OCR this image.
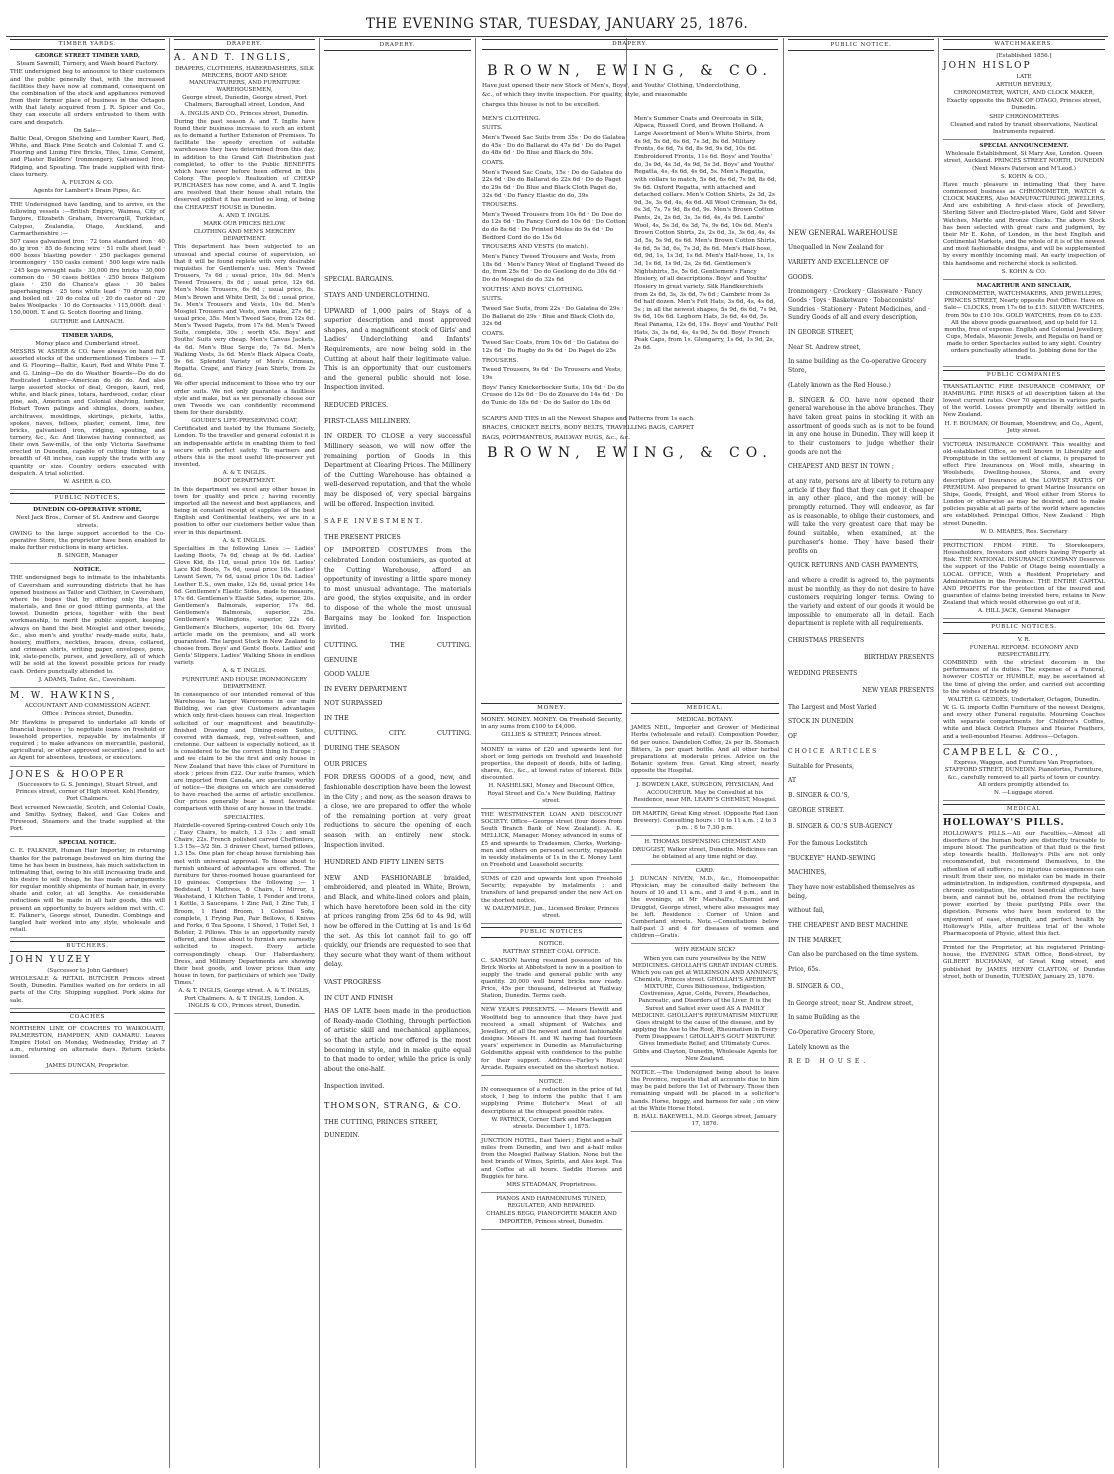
THE EVENING STAR, TUESDAY, JANUARY 25, 1876.
TIMBER YARDS.

GEORGE STREET TIMBER YARD,

Steam Sawmill, Turnery, and Wash board Factory.

THE undersigned beg to announce to their customers and the public generally that, with the increased facilities they have now at command, consequent on the combination of the stock and appliances removed from their former place of business in the Octagon with that lately acquired from J. R. Spicer and Co., they can execute all orders entrusted to them with care and despatch.

On Sale—

Baltic Deal, Oregon Shelving and Lumber Kauri, Red, White, and Black Pine Scotch and Colonial T. and G. Flooring and Lining Fire Bricks, Tiles, Lime, Cement, and Plaster Builders' Ironmongery, Galvanised Iron, Ridging, and Spouting. The trade supplied with first-class turnery.

A. FULTON & CO.

Agents for Lambert's Drain Pipes, &c.

THE Undersigned have landing, and to arrive, ex the following vessels :—British Empire, Waimea, City of Tanjore, Elizabeth Graham, Invercargill, Turkistan, Calypso, Zealandia, Otago, Auckland, and Carmarthenshire :—

507 cases galvanised iron · 72 tons standard iron · 40 do ig iron · 85 do fencing wire · 51 rolls sheet lead · 600 boxes blasting powder · 250 packages general ironmongery · 150 casks cement · 500 kegs wire nails · 245 kegs wrought nails · 30,000 fire bricks · 30,000 common do · 50 cases bottles · 250 boxes Belgium glass · 250 do Chance's glass · 30 bales paperhangings · 25 tons white lead · 70 drums raw and boiled oil · 20 do colza oil · 20 do castor oil · 20 bales Woolpacks · 10 do Cornsacks · 115,000ft. deal · 150,000ft. T. and G. Scotch flooring and lining.

GUTHRIE and LARNACH.

TIMBER YARDS,

Moray place and Cumberland street.

MESSRS W. ASHER & CO. have always on hand full assorted stocks of the undermentioned Timbers :— T. and G. Flooring—Baltic, Kauri, Red and White Pine T. and G. Lining—Do do do Weather Boards—Do do do Rusticated Lumber—American do do do. And also large assorted stocks of deal, Oregon, kauri, red, white, and black pines, totara, hardwood, cedar, clear pine, ash, American and Colonial shelving, lumber, Hobart Town palings and shingles, doors, sashes, architraves, mouldings, skirtings, pickets, laths, spokes, naves, felloes, plaster, cement, lime, fire bricks, galvanised iron, ridging, spouting, and turnery, &c., &c. And likewise having connected, as their own Saw-mills, of the only Victoria Sawframe erected in Dunedin, capable of cutting timber to a breadth of 48 inches, can supply the trade with any quantity or size. Country orders executed with despatch. A trial solicited.

W. ASHER & CO.

PUBLIC NOTICES.

DUNEDIN CO-OPERATIVE STORE,

Next Jack Bros., Corner of St. Andrew and George streets.

OWING to the large support accorded to the Co-operative Store, the proprietor have been enabled to make further reductions in many articles.

B. SINGER, Manager

NOTICE.

THE undersigned begs to intimate to the inhabitants of Caversham and surrounding districts that he has opened business as Tailor and Clothier, in Caversham, where he hopes that by offering only the best materials, and fine or good fitting garments, at the lowest Dunedin prices, together with the best workmanship, to merit the public support, keeping always on hand the best Mosgiel and other tweeds, &c., also men's and youths' ready-made suits, hats, hosiery, mufflers, neckties, braces, dress, collared, and crimean shirts, writing paper, envelopes, pens, ink, slate-pencils, purses, and jewellery, all of which will be sold at the lowest possible prices for ready cash. Orders punctually attended to.

J. ADAMS, Tailor, &c., Caversham.

M. W. HAWKINS,

ACCOUNTANT AND COMMISSION AGENT.

Office : Princes street, Dunedin.

Mr Hawkins is prepared to undertake all kinds of financial business ; to negotiate loans on freehold or leasehold properties, repayable by instalments if required ; to make advances on mercantile, pastoral, agricultural, or other approved securities ; and to act as Agent for absentees, trustees, or executors.

JONES & HOOPER

(Successors to G. S. Jennings), Stuart Street, and Princes street, corner of High street. Kohl Hendry, Port Chalmers.

Best screened Newcastle, Scotch, and Colonial Coals, and Smithy. Sydney, Baked, and Gas Cokes and Firewood, Steamers and the trade supplied at the Port.

SPECIAL NOTICE.

C. E. FALKNER, Human Hair Importer, in returning thanks for the patronage bestowed on him during the time he has been in business, has much satisfaction in intimating that, owing to his still increasing trade and his desire to sell cheap, he has made arrangements for regular monthly shipments of human hair, in every shade and color, at all lengths. As considerable reductions will be made in all hair goods, this will present an opportunity to buyers seldom met with. C. E. Falkner's, George street, Dunedin. Combings and tangled hair worked into any style, wholesale and retail.

BUTCHERS.

JOHN YUZEY

(Successor to John Gardner)

WHOLESALE & RETAIL BUTCHER Princes street South, Dunedin. Families waited on for orders in all parts of the City. Shipping supplied. Pork skins for sale.

COACHES

NORTHERN LINE OF COACHES TO WAIKOUAITI, PALMERSTON, HAMPDEN, AND OAMARU. Leaves Empire Hotel on Monday, Wednesday, Friday at 7 a.m., returning on alternate days. Return tickets issued.

JAMES DUNCAN, Proprietor.

DRAPERY.

A. AND T. INGLIS,

DRAPERS, CLOTHIERS, HABERDASHERS, SILK MERCERS, BOOT AND SHOE MANUFACTURERS, AND FURNITURE WAREHOUSEMEN,

George street, Dunedin, George street, Port Chalmers, Baroughall street, London, And

A. INGLIS AND CO., Princes street, Dunedin.

During the past season A. and T. Inglis have found their business increase to such an extent as to demand a further Extension of Premises. To facilitate the speedy erection of suitable warehouses they have determined from this day, in addition to the Grand Gift Distribution just completed, to offer to the Public BENEFITS which have never before been offered in this Colony. The people's Realization of CHEAP PURCHASES has now come, and A. and T. Inglis are resolved that their house shall retain the deserved epithet it has merited so long, of being the CHEAPEST HOUSE in Dunedin.

A. AND T. INGLIS.

MARK OUR PRICES BELOW.

CLOTHING AND MEN'S MERCERY DEPARTMENT.

This department has been subjected to an unusual and special course of supervision, so that it will be found replete with very desirable requisites for Gentlemen's use. Men's Tweed Trousers, 7s 6d ; usual price, 10s 6d. Men's Tweed Trousers, 8s 6d ; usual price, 12s 6d. Men's Mole Trousers, 6s 6d ; usual price, 8s. Men's Brown and White Drill, 3s 6d ; usual price, 5s. Men's Trousers and Vests, 10s 6d. Men's Mosgiel Trousers and Vests, own make, 27s 6d ; usual price, 35s. Men's Tweed Sacs, from 12s 6d. Men's Tweed Pagets, from 17s 6d. Men's Tweed Suits, complete, 30s ; worth 45s. Boys' and Youths' Suits very cheap. Men's Canvas Jackets, 4s 6d. Men's Blue Serge do, 7s 6d. Men's Walking Vests, 3s 6d. Men's Black Alpaca Coats, 9s 6d. Splendid Variety of Men's Crimean, Regatta, Crape, and Fancy Jean Shirts, from 2s 6d.

We offer special inducement to those who try our order suits. We not only guarantee a faultless style and make, but as we personally choose our own Tweeds we can confidently recommend them for their durability.

GOUDIE'S LIFE-PRESERVING COAT,

Certificated and tested by the Humane Society, London. To the traveller and general colonist it is an indispensable article in enabling them to feel secure with perfect safety. To mariners and others this is the most useful life-preserver yet invented.

A. & T. INGLIS.

BOOT DEPARTMENT.

In this department we excel any other house in town for quality and price ; having recently imported all the newest and best appliances, and being in constant receipt of supplies of the best English and Continental leathers, we are in a position to offer our customers better value than ever in this department.

A. & T. INGLIS.

Specialties in the following Lines :— Ladies' Lasting Boots, 7s 6d, cheap at 9s 6d. Ladies' Glove Kid, 8s 11d, usual price 10s 6d. Ladies' Lace Kid Boots, 7s 6d, usual price 10s. Ladies' Levant Sewn, 7s 6d, usual price 10s 6d. Ladies' Leather E.S., own make, 12s 6d, usual price 14s 6d. Gentlemen's Elastic Sides, made to measure, 17s 6d. Gentlemen's Elastic Sides, superior, 20s. Gentlemen's Balmorals, superior, 17s 6d. Gentlemen's Balmorals, superior, 25s. Gentlemen's Wellingtons, superior, 22s 6d. Gentlemen's Bluchers, superior, 10s 6d. Every article made on the premises, and all work guaranteed. The largest Stock in New Zealand to choose from. Boys' and Gents' Boots. Ladies' and Gents' Slippers. Ladies' Walking Shoes in endless variety.

A. & T. INGLIS.

FURNITURE AND HOUSE IRONMONGERY DEPARTMENT.

In consequence of our intended removal of this Warehouse to larger Warerooms in our main Building, we can give Customers advantages which only first-class houses can rival. Inspection solicited of our magnificent and beautifully-finished Drawing and Dining-room Suites, covered with damask, rep, velvet-satteen, and cretonne. Our satteen is especially noticed, as it is considered to be the correct thing in Europe ; and we claim to be the first and only house in New Zealand that have this class of Furniture in stock ; prices from £22. Our suite frames, which are imported from Canada, are specially worthy of notice—the designs on which are considered to have reached the acme of artistic excellence. Our prices generally bear a most favorable comparison with those of any house in the trade.

SPECIALTIES.

Hairdelle-covered Spring-centred Couch only 10s ; Easy Chairs, to match, 1.3 13s ; and small Chairs, 22s. French polished carved Cheffoniers, 1.3 15s—3/2 5in. 3 drawer Chest, turned pillows, 1.3 15s. One plan for cheap house furnishing has met with universal approval. To those about to furnish unheard of advantages are offered. The furniture for three-roomed house guaranteed for 10 guineas. Comprises the following :— 1 Bedstead, 1 Mattress, 6 Chairs, 1 Mirror, 1 Washstand, 1 Kitchen Table, 1 Fender and irons, 1 Kettle, 3 Saucepans, 1 Zinc Pail, 1 Zinc Tub, 1 Broom, 1 Hand Broom, 1 Colonial Sofa, complete, 1 Frying Pan, Pair Bellows, 6 Knives and Forks, 6 Tea Spoons, 1 Shovel, 1 Toilet Set, 1 Bolster, 2 Pillows. This is an opportunity rarely offered, and those about to furnish are earnestly solicited to inspect. Every article correspondingly cheap. Our Haberdashery, Dress, and Millinery Departments are showing their best goods, and lower prices than any house in town, for particulars of which see 'Daily Times.'

A. & T. INGLIS, George street. A. & T. INGLIS, Port Chalmers. A. & T. INGLIS, London. A. INGLIS & CO., Princes street, Dunedin.

DRAPERY.

SPECIAL BARGAINS.

STAYS AND UNDERCLOTHING.

UPWARD of 1,000 pairs of Stays of a superior description and most approved shapes, and a magnificent stock of Girls' and Ladies' Underclothing and Infants' Requirements, are now being sold in the Cutting at about half their legitimate value. This is an opportunity that our customers and the general public should not lose. Inspection invited.

REDUCED PRICES.

FIRST-CLASS MILLINERY.

IN ORDER TO CLOSE a very successful Millinery season, we will now offer the remaining portion of Goods in this Department at Clearing Prices. The Millinery of the Cutting Warehouse has obtained a well-deserved reputation, and that the whole may be disposed of, very special bargains will be offered. Inspection invited.

SAFE INVESTMENT.

THE PRESENT PRICES

OF IMPORTED COSTUMES from the celebrated London costumiers, as quoted at the Cutting Warehouse, afford an opportunity of investing a little spare money to most unusual advantage. The materials are good, the styles exquisite, and in order to dispose of the whole the most unusual Bargains may be looked for. Inspection invited.

CUTTING.	THE	CUTTING.

GENUINE

GOOD VALUE

IN EVERY DEPARTMENT

NOT SURPASSED

IN THE

CUTTING.	CITY.	CUTTING.

DURING THE SEASON

OUR PRICES

FOR DRESS GOODS of a good, new, and fashionable description have been the lowest in the City ; and now, as the season draws to a close, we are prepared to offer the whole of the remaining portion at very great reductions to secure the opening of each season with an entirely new stock. Inspection invited.

HUNDRED AND FIFTY LINEN SETS

NEW AND FASHIONABLE braided, embroidered, and pleated in White, Brown, and Black, and white-lined colors and plain, which have heretofore been sold in the city at prices ranging from 25s 6d to 4s 9d, will now be offered in the Cutting at 1s and 1s 6d the set. As this lot cannot fail to go off quickly, our friends are requested to see that they secure what they want of them without delay.

VAST PROGRESS

IN CUT AND FINISH

HAS OF LATE been made in the production of Ready-made Clothing, through perfection of artistic skill and mechanical appliances, so that the article now offered is the most becoming in style, and in make quite equal to that made to order, while the price is only about the one-half.

Inspection invited.

THOMSON, STRANG, & CO.

THE CUTTING, PRINCES STREET,

DUNEDIN.

DRAPERY.

BROWN, EWING, & CO.

Have just opened their new Stock of Men's, Boys', and Youths' Clothing, Underclothing,

&c., of which they invite inspection. For quality, style, and reasonable

charges this house is not to be excelled.

MEN'S CLOTHING.

SUITS.

Men's Tweed Sac Suits from 35s · Do do Galatea do 45s · Do do Ballarat do 47s 6d · Do do Paget do 48s 6d · Do Blue and Black do 59s.

COATS.

Men's Tweed Sac Coats, 15s · Do do Galatea do 22s 6d · Do do Ballarat do 22s 6d · Do do Paget do 29s 6d · Do Blue and Black Cloth Paget do, 32s 6d · Do Fancy Elastic do do, 39s

TROUSERS.

Men's Tweed Trousers from 10s 6d · Do Doe do do 12s 6d · Do Fancy Cord do 10s 6d · Do Cotton do do 8s 6d · Do Printed Moles do 9s 6d · Do Bedford Cord do do 15s 6d

TROUSERS AND VESTS (to match).

Men's Fancy Tweed Trousers and Vests, from 18s 6d · Men's Fancy West of England Tweed do do, from 25s 6d · Do do Geelong do do 30s 6d · Do do Mosgiel do do 32s 6d

YOUTHS' AND BOYS' CLOTHING.

SUITS.

Tweed Sac Suits, from 22s · Do Galatea do 29s · Do Ballarat do 29s · Blue and Black Cloth do, 32s 6d

COATS.

Tweed Sac Coats, from 10s 6d · Do Galatea do 12s 6d · Do Rugby do 9s 6d · Do Paget do 25s

TROUSERS.

Tweed Trousers, 9s 6d · Do Trousers and Vests, 19s

Boys' Fancy Knickerbocker Suits, 10s 6d · Do do Crusoe do 12s 6d · Do do Zouave do 14s 6d · Do do Tunic do 18s 6d · Do do Sailor do 18s 6d

Men's Summer Coats and Overcoats in Silk, Alpaca, Russell Cord, and Brown Holland. A Large Assortment of Men's White Shirts, from 4s 9d, 5s 6d, 6s 6d, 7s 3d, 8s 6d. Military Fronts, 6s 6d, 7s 6d, 8s 9d, 9s 6d, 10s 6d. Embroidered Fronts, 11s 6d. Boys' and Youths' do, 3s 9d, 4s 3d, 4s 9d, 5s 3d. Boys' and Youths' Regatta, 4s, 4s 6d, 4s 6d, 5s. Men's Regatta, with collars to match, 5s 6d, 6s 6d, 7s 9d, 8s 6d, 9s 6d. Oxford Regatta, with attached and detached collars. Men's Cotton Shirts, 2s 3d, 2s 9d, 3s, 3s 6d, 4s, 4s 6d. All Wool Crimean, 5s 6d, 6s 3d, 7s, 7s 9d, 8s 6d, 9s. Men's Brown Cotton Pants, 2s, 2s 6d, 3s, 3s 6d, 4s, 4s 9d. Lambs' Wool, 4s, 5s 3d, 6s 3d, 7s, 9s 6d, 10s 6d. Men's Brown Cotton Shirts, 2s, 2s 6d, 3s, 3s 6d, 4s, 4s 3d, 5s, 5s 9d, 6s 6d. Men's Brown Cotton Shirts, 4s 6d, 5s 3d, 6s, 7s 3d, 8s 6d. Men's Half-hose, 6d, 9d, 1s, 1s 3d, 1s 6d. Men's Half-hose, 1s, 1s 3d, 1s 6d, 1s 9d, 2s, 2s 6d. Gentlemen's Nightshirts, 5s, 5s 6d. Gentlemen's Fancy Hosiery, of all descriptions. Boys' and Youths' Hosiery in great variety. Silk Handkerchiefs from 2s 6d, 3s, 3s 6d, 7s 6d ; Cambric from 3s 6d half dozen. Men's Felt Hats, 3s 6d, 4s, 4s 6d, 5s ; in all the newest shapes, 5s 9d, 6s 6d, 7s 9d, 9s 6d, 10s 6d. Leghorn Hats, 3s 6d, 4s 6d, 5s. Real Panama, 12s 6d, 15s. Boys' and Youths' Felt Hats, 3s, 3s 6d, 4s, 4s 9d, 5s 6d. Boys' French Peak Caps, from 1s. Glengarry, 1s 6d, 1s 9d, 2s, 2s 6d.

SCARFS AND TIES in all the Newest Shapes and Patterns from 1s each.

BRACES, CRICKET BELTS, BODY BELTS, TRAVELLING BAGS, CARPET

BAGS, PORTMANTEUS, RAILWAY RUGS, &c., &c.

BROWN, EWING, & CO.

MONEY.

MONEY. MONEY. MONEY. On Freehold Security, in any sums from £100 to £4,000.

GILLIES & STREET, Princes street.

MONEY in sums of £20 and upwards lent for short or long periods on freehold and leasehold properties, the deposit of deeds, bills of lading, shares, &c., &c., at lowest rates of interest. Bills discounted.

H. NASHELSKI, Money and Discount Office, Royal Street and Co.'s New Building, Rattray street.

THE WESTMINSTER LOAN AND DISCOUNT SOCIETY. Office—George street (four doors from South Branch Bank of New Zealand). A. K. MELLICK, Manager. Money advanced in sums of £5 and upwards to Tradesmen, Clerks, Working-men and others on personal security, repayable in weekly instalments of 1s in the £. Money Lent on Freehold and Leasehold security.

SUMS of £20 and upwards lent upon Freehold Security, repayable by instalments ; and transfers of land prepared under the new Act on the shortest notice.

W. DALRYMPLE, Jun., Licensed Broker, Princes street.

PUBLIC NOTICES

NOTICE.

RATTRAY STREET COAL OFFICE.

C. SAMSON having resumed possession of his Brick Works at Abbotsford is now in a position to supply the trade and general public with any quantity. 20,000 well burnt bricks now ready. Price, 45s per thousand, delivered at Railway Station, Dunedin. Terms cash.

NEW YEAR'S PRESENTS. — Messrs Hewitt and Woolfield beg to announce that they have just received a small shipment of Watches and Jewellery, of all the newest and most fashionable designs. Messrs H. and W. having had fourteen years' experience in Dunedin as Manufacturing Goldsmiths appeal with confidence to the public for their support. Address—Farley's Royal Arcade. Repairs executed on the shortest notice.

NOTICE.

IN consequence of a reduction in the price of fat stock, I beg to inform the public that I am supplying Prime Butcher's Meat of all descriptions at the cheapest possible rates.

W. PATRICK, Corner Clark and Maclaggan streets. December 1, 1875.

JUNCTION HOTEL, East Taieri ; Eight and a-half miles from Dunedin, and two and a-half miles from the Mosgiel Railway Station. None but the best brands of Wines, Spirits, and Ales kept. Tea and Coffee at all hours. Saddle Horses and Buggies for hire.

MRS STEADMAN, Proprietress.

PIANOS AND HARMONIUMS TUNED, REGULATED, AND REPAIRED.

CHARLES BEGG, PIANOFORTE MAKER AND IMPORTER, Princes street, Dunedin.

MEDICAL.

MEDICAL BOTANY.

JAMES NEIL, Importer and Grower of Medicinal Herbs (wholesale and retail). Composition Powder, 6d per ounce. Dandelion Coffee, 2s per lb. Stomach Bitters, 2s per quart bottle. And all other herbal preparations at moderate prices. Advice on the Botanic system free. Great King street, nearly opposite the Hospital.

J. BOWDEN LAKE, SURGEON, PHYSICIAN, And ACCOUCHEUR. May be Consulted at his Residence, near MR. LEARY'S CHEMIST, Mosgiel.

DR MARTIN, Great King street. (Opposite Red Lion Brewery). Consulting hours : 10 to 11 a.m. ; 2 to 3 p.m. ; 6 to 7.30 p.m.

H. THOMAS DISPENSING CHEMIST AND DRUGGIST, Walker street, Dunedin. Medicines can be obtained at any time night or day.

CARD.

J. DUNCAN NIVEN, M.D., &c., Homoeopathic Physician, may be consulted daily between the hours of 10 and 11 a.m., and 3 and 4 p.m., and in the evenings, at Mr Marshall's, Chemist and Druggist, George street, where also messages may be left. Residence : Corner of Union and Cumberland streets. Note.—Consultations below half-past 3 and 4 for diseases of women and children—Gratis.

WHY REMAIN SICK?

When you can cure yourselves by the NEW MEDICINES. GHOLLAH'S GREAT INDIAN CURES. Which you can get at WILKINSON AND ANNING'S, Chemists, Princes street. GHOLLAH'S APERIENT MIXTURE, Cures Billiousness, Indigestion, Costiveness, Ague, Colds, Fevers, Headaches, Pancreatic, and Disorders of the Liver. It is the Surest and Safest ever used AS A FAMILY MEDICINE. GHOLLAH'S RHEUMATISM MIXTURE Goes straight to the cause of the disease, and by applying the Axe to the Root, Rheumatism in Every Form Disappears ! GHOLLAH'S GOUT MIXTURE Gives Immediate Relief, and Ultimately Cures. Gibbs and Clayton, Dunedin, Wholesale Agents for New Zealand.

NOTICE.—The Undersigned being about to leave the Province, requests that all accounts due to him may be paid before the 1st of February. Those then remaining unpaid will be placed in a solicitor's hands. Horse, buggy, and harness for sale ; on view at the White Horse Hotel.

B. HALL BAKEWELL, M.D. George street, January 17, 1876.

PUBLIC NOTICE.

NEW GENERAL WAREHOUSE

Unequalled in New Zealand for

VARIETY AND EXCELLENCE OF

GOODS.

Ironmongery · Crockery · Glassware · Fancy Goods · Toys · Basketware · Tobacconists' Sundries · Stationery · Patent Medicines, and · Sundry Goods of all and every description,

IN GEORGE STREET,

Near St. Andrew street,

In same building as the Co-operative Grocery Store,

(Lately known as the Red House.)

B. SINGER & CO. have now opened their general warehouse in the above branches. They have taken great pains in stocking it with an assortment of goods such as is not to be found in any one house in Dunedin. They will keep it to their customers to judge whether their goods are not the

CHEAPEST AND BEST IN TOWN ;

at any rate, persons are at liberty to return any article if they find that they can get it cheaper in any other place, and the money will be promptly returned. They will endeavor, as far as is reasonable, to oblige their customers, and will take the very greatest care that may be found suitable, when examined, at the purchaser's home. They have based their profits on

QUICK RETURNS AND CASH PAYMENTS,

and where a credit is agreed to, the payments must be monthly, as they do not desire to have customers requiring longer terms. Owing to the variety and extent of our goods it would be impossible to enumerate all in detail. Each department is replete with all requirements.

CHRISTMAS PRESENTS

BIRTHDAY PRESENTS

WEDDING PRESENTS

NEW YEAR PRESENTS

The Largest and Most Varied

STOCK IN DUNEDIN

OF

CHOICE ARTICLES

Suitable for Presents,

AT

B. SINGER & CO.'S,

GEORGE STREET.

B. SINGER & CO.'S SUB-AGENCY

For the famous Lockstitch

"BUCKEYE" HAND-SEWING

MACHINES,

They have now established themselves as being,

without fail,

THE CHEAPEST AND BEST MACHINE

IN THE MARKET,

Can also be purchased on the time system.

Price, 65s.

B. SINGER & CO.,

In George street, near St. Andrew street,

In same Building as the

Co-Operative Grocery Store,

Lately known as the

RED HOUSE.

WATCHMAKERS.

[Established 1856.]

JOHN HISLOP

LATE

ARTHUR BEVERLY,

CHRONOMETER, WATCH, AND CLOCK MAKER,

Exactly opposite the BANK OF OTAGO, Princes street, Dunedin.

SHIP CHRONOMETERS

Cleaned and rated by transit observations, Nautical Instruments repaired.

SPECIAL ANNOUNCEMENT.

Wholesale Establishment, St Mary Axe, London. Queen street, Auckland. PRINCES STREET NORTH, DUNEDIN (Next Messrs Paterson and M'Leod.)

S. KOHN & CO.,

Have much pleasure in intimating that they have commenced business as CHRONOMETER, WATCH & CLOCK MAKERS, Also MANUFACTURING JEWELLERS, And are exhibiting A first-class stock of Jewellery, Sterling Silver and Electro-plated Ware, Gold and Silver Watches, Marble and Bronze Clocks. The above Stock has been selected with great care and judgment, by their Mr E. Kohn, of London, in the best English and Continental Markets, and the whole of it is of the newest and most fashionable designs, and will be supplemented by every monthly incoming mail. An early inspection of this handsome and recherché stock is solicited.

S. KOHN & CO.

MACARTHUR AND SINCLAIR,

CHRONOMETER, WATCHMAKERS, AND JEWELLERS, PRINCES STREET, Nearly opposite Post Office. Have on Sale— CLOCKS, from 17s 6d to £15. SILVER WATCHES, from 50s to £10 10s. GOLD WATCHES, from £6 to £35. All the above goods guaranteed, and up held for 12 months, free of expense. English and Colonial Jewellery, Cups, Medals, Masonic Jewels, and Regalia on hand or made to order. Spectacles suited to any sight. Country orders punctually attended to. Jobbing done for the trade.

PUBLIC COMPANIES

TRANSATLANTIC FIRE INSURANCE COMPANY, OF HAMBURG. FIRE RISKS of all description taken at the lowest current rates. Over 70 agencies in various parts of the world. Losses promptly and liberally settled in New Zealand.

H. F. BOUMAN, Of Bouman, Moendrew, and Co., Agent, Jetty street.

VICTORIA INSURANCE COMPANY. This wealthy and old-established Office, so well known in Liberality and Promptitude in the settlement of claims, is prepared to effect Fire Insurances on Wool mills, shearing in Woolsheds, Dwelling-houses, Stores, and every description of Insurance at the LOWEST RATES OF PREMIUM. Also prepared to grant Marine Insurance on Ships, Goods, Freight, and Wool either from Stores to London or otherwise as may be desired, and to make policies payable at all parts of the world where agencies are established. Principal Office, New Zealand : High street Dunedin.

W. D. MEARES, Res. Secretary

PROTECTION FROM FIRE. To Storekeepers, Householders, Investors and others having Property at Risk. THE NATIONAL INSURANCE COMPANY Deserves the support of the Public of Otago being essentially a LOCAL OFFICE, With a Resident Proprietary and Administration in the Province. THE ENTIRE CAPITAL AND PROFITS For the protection of the insured and guarantee of claims being invested here, retains in New Zealand that which would otherwise go out of it.

A. HILL JACK, General Manager

PUBLIC NOTICES.

V. R.

FUNERAL REFORM. ECONOMY AND RESPECTABILITY.

COMBINED with the strictest decorum in the performance of its duties. The expense of a Funeral, however COSTLY or HUMBLE, may be ascertained at the time of giving the order, and carried out according to the wishes of friends by

WALTER G. GEDDES, Undertaker, Octagon, Dunedin.

W. G. G. imports Coffin Furniture of the newest Designs, and every other Funeral requisite. Mourning Coaches with separate compartments for Children's Coffins, white and black Ostrich Plumes and Hearse Feathers, and a well-mounted Hearse. Address—Octagon.

CAMPBELL & CO.,

Express, Waggon, and Furniture Van Proprietors, STAFFORD STREET, DUNEDIN. Pianofortes, Furniture, &c., carefully removed to all parts of town or country. All orders promptly attended to.

N. —Luggage stored.

MEDICAL

HOLLOWAY'S PILLS.

HOLLOWAY'S PILLS.—All our Faculties.—Almost all disorders of the human body are distinctly traceable to impure blood. The purification of that fluid is the first step towards health. Holloway's Pills are not only recommended, but recommend themselves, to the attention of all sufferers ; no injurious consequences can result from their use, no mistake can be made in their administration. In indigestion, confirmed dyspepsia, and chronic constipation, the most beneficial effects have been, and cannot but be, obtained from the rectifying power exerted by these purifying Pills over the digestion. Persons who have been restored to the enjoyment of ease, strength, and perfect health by Holloway's Pills, after fruitless trial of the whole Pharmacopoeia of Physic, attest this fact.

Printed for the Proprietor, at his registered Printing-house, the EVENING STAR Office, Bond-street, by GILBERT BUCHANAN, of Great King street, and published by JAMES HENRY CLAYTON, of Dundas street, both of Dunedin, TUESDAY, January 25, 1876.
